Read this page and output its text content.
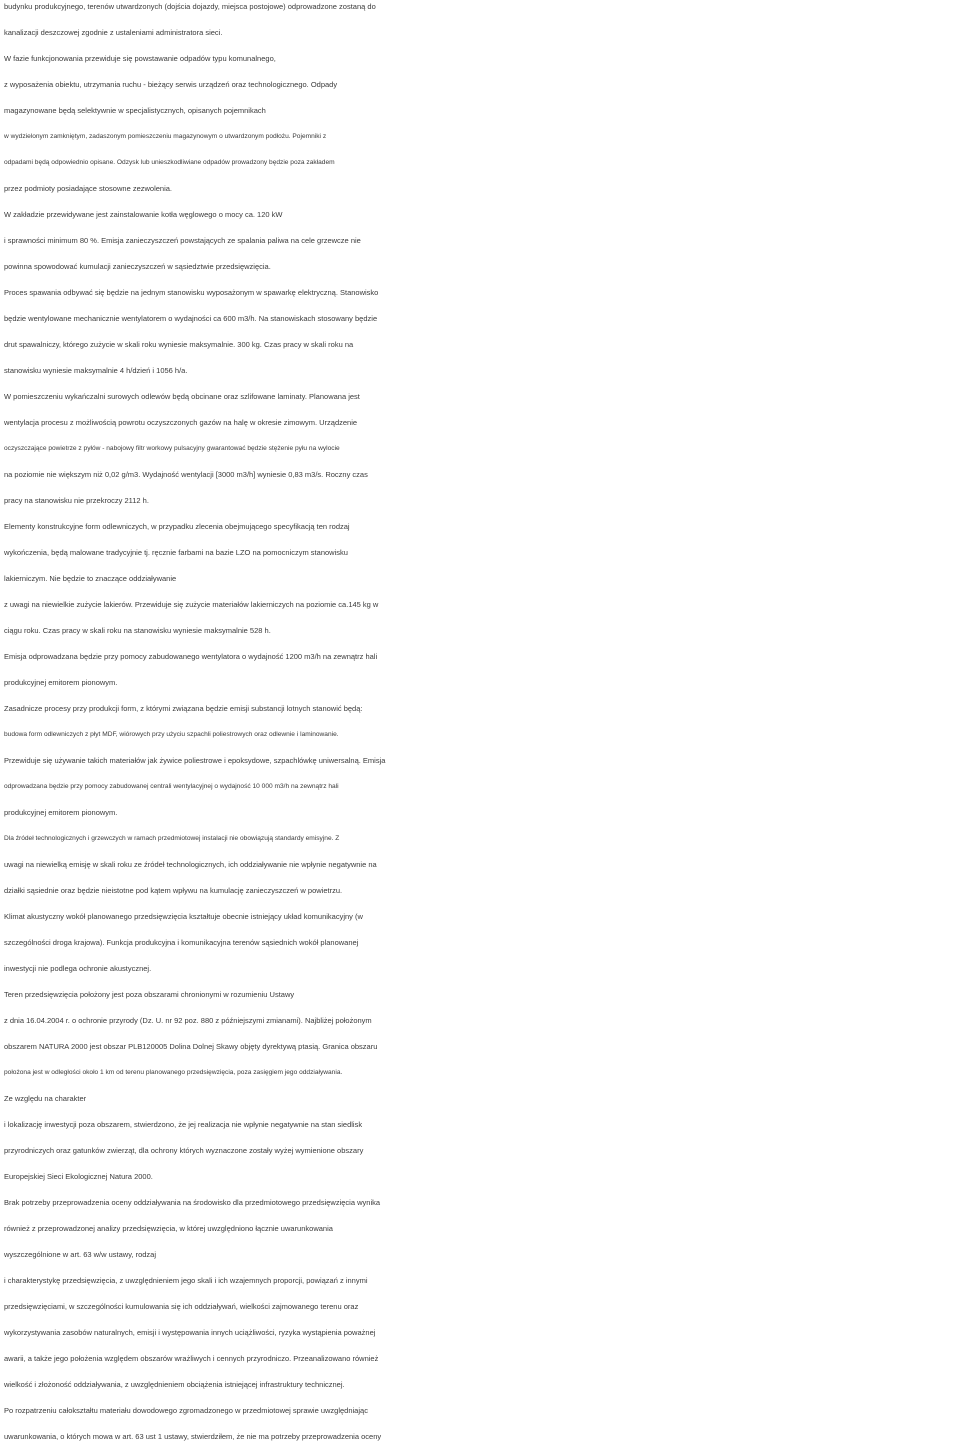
budynku produkcyjnego, terenów utwardzonych (dojścia dojazdy, miejsca postojowe) odprowadzone zostaną do
kanalizacji deszczowej zgodnie z ustaleniami administratora sieci.
W fazie funkcjonowania przewiduje się powstawanie odpadów typu komunalnego,
z wyposażenia obiektu, utrzymania ruchu - bieżący serwis urządzeń oraz technologicznego. Odpady
magazynowane będą selektywnie w specjalistycznych, opisanych pojemnikach
w wydzielonym zamkniętym, zadaszonym pomieszczeniu magazynowym o utwardzonym podłożu. Pojemniki z
odpadami będą odpowiednio opisane. Odzysk lub unieszkodliwiane odpadów prowadzony będzie poza zakładem
przez podmioty posiadające stosowne zezwolenia.
W zakładzie przewidywane jest zainstalowanie kotła węglowego o mocy ca. 120 kW
i sprawności minimum 80 %. Emisja zanieczyszczeń powstających ze spalania paliwa na cele grzewcze nie
powinna spowodować kumulacji zanieczyszczeń w sąsiedztwie przedsięwzięcia.
Proces spawania odbywać się będzie na jednym stanowisku wyposażonym w spawarkę elektryczną. Stanowisko
będzie wentylowane mechanicznie wentylatorem o wydajności ca 600 m3/h. Na stanowiskach stosowany będzie
drut spawalniczy, którego zużycie w skali roku wyniesie maksymalnie. 300 kg. Czas pracy w skali roku na
stanowisku wyniesie maksymalnie 4 h/dzień i 1056 h/a.
W pomieszczeniu wykańczalni surowych odlewów będą obcinane oraz szlifowane laminaty. Planowana jest
wentylacja procesu z możliwością powrotu oczyszczonych gazów na halę w okresie zimowym. Urządzenie
oczyszczające powietrze z pyłów - nabojowy filtr workowy pulsacyjny gwarantować będzie stężenie pyłu na wylocie
na poziomie nie większym niż 0,02 g/m3. Wydajność wentylacji [3000 m3/h] wyniesie 0,83 m3/s. Roczny czas
pracy na stanowisku nie przekroczy 2112 h.
Elementy konstrukcyjne form odlewniczych, w przypadku zlecenia obejmującego specyfikacją ten rodzaj
wykończenia, będą malowane tradycyjnie tj. ręcznie farbami na bazie LZO na pomocniczym stanowisku
lakierniczym. Nie będzie to znaczące oddziaływanie
z uwagi na niewielkie zużycie lakierów. Przewiduje się zużycie materiałów lakierniczych na poziomie ca.145 kg w
ciągu roku. Czas pracy w skali roku na stanowisku wyniesie maksymalnie 528 h.
Emisja odprowadzana będzie przy pomocy zabudowanego wentylatora o wydajność 1200 m3/h na zewnątrz hali
produkcyjnej emitorem pionowym.
Zasadnicze procesy przy produkcji form, z którymi związana będzie emisji substancji lotnych stanowić będą:
budowa form odlewniczych z płyt MDF, wiórowych przy użyciu szpachli poliestrowych oraz odlewnie i laminowanie.
Przewiduje się używanie takich materiałów jak żywice poliestrowe i epoksydowe, szpachlówkę uniwersalną. Emisja
odprowadzana będzie przy pomocy zabudowanej centrali wentylacyjnej o wydajność 10 000 m3/h na zewnątrz hali
produkcyjnej emitorem pionowym.
Dla źródeł technologicznych i grzewczych w ramach przedmiotowej instalacji nie obowiązują standardy emisyjne. Z
uwagi na niewielką emisję w skali roku ze źródeł technologicznych, ich oddziaływanie nie wpłynie negatywnie na
działki sąsiednie oraz będzie nieistotne pod kątem wpływu na kumulację zanieczyszczeń w powietrzu.
Klimat akustyczny wokół planowanego przedsięwzięcia kształtuje obecnie istniejący układ komunikacyjny (w
szczególności droga krajowa). Funkcja produkcyjna i komunikacyjna terenów sąsiednich wokół planowanej
inwestycji nie podlega ochronie akustycznej.
Teren przedsięwzięcia położony jest poza obszarami chronionymi w rozumieniu Ustawy
z dnia 16.04.2004 r. o ochronie przyrody (Dz. U. nr 92 poz. 880 z późniejszymi zmianami). Najbliżej położonym
obszarem NATURA 2000 jest obszar PLB120005 Dolina Dolnej Skawy objęty dyrektywą ptasią. Granica obszaru
położona jest w odległości około 1 km od terenu planowanego przedsięwzięcia, poza zasięgiem jego oddziaływania.
Ze względu na charakter
i lokalizację inwestycji poza obszarem, stwierdzono, że jej realizacja nie wpłynie negatywnie na stan siedlisk
przyrodniczych oraz gatunków zwierząt, dla ochrony których wyznaczone zostały wyżej wymienione obszary
Europejskiej Sieci Ekologicznej Natura 2000.
Brak potrzeby przeprowadzenia oceny oddziaływania na środowisko dla przedmiotowego przedsięwzięcia wynika
również z przeprowadzonej analizy przedsięwzięcia, w której uwzględniono łącznie uwarunkowania
wyszczególnione w art. 63 w/w ustawy, rodzaj
i charakterystykę przedsięwzięcia, z uwzględnieniem jego skali i ich wzajemnych proporcji, powiązań z innymi
przedsięwzięciami, w szczególności kumulowania się ich oddziaływań, wielkości zajmowanego terenu oraz
wykorzystywania zasobów naturalnych, emisji i występowania innych uciążliwości, ryzyka wystąpienia poważnej
awarii, a także jego położenia względem obszarów wrażliwych i cennych przyrodniczo. Przeanalizowano również
wielkość i złożoność oddziaływania, z uwzględnieniem obciążenia istniejącej infrastruktury technicznej.
Po rozpatrzeniu całokształtu materiału dowodowego zgromadzonego w przedmiotowej sprawie uwzględniając
uwarunkowania, o których mowa w art. 63 ust 1 ustawy, stwierdziłem, że nie ma potrzeby przeprowadzenia oceny
